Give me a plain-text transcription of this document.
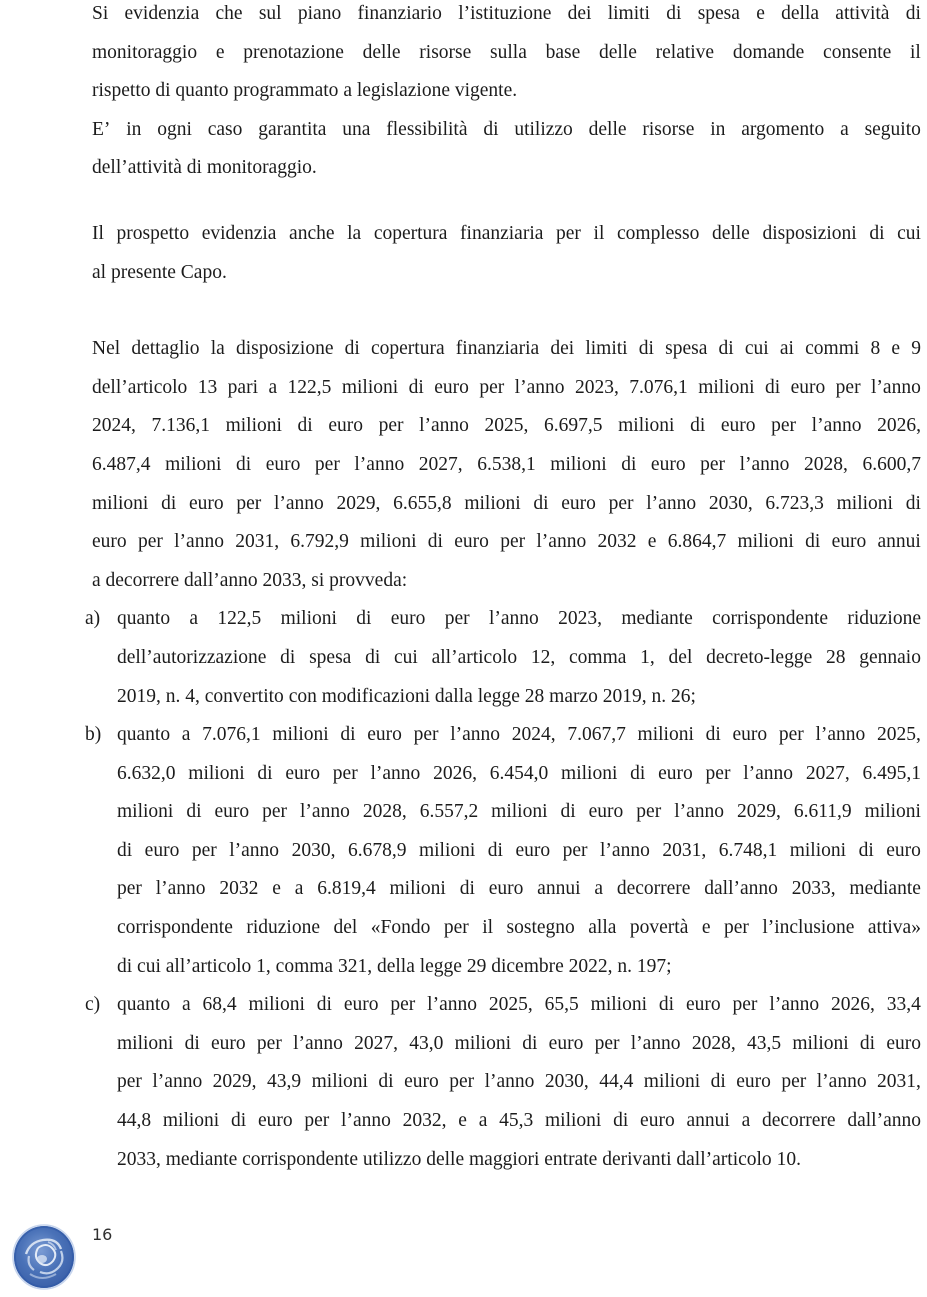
Si evidenzia che sul piano finanziario l’istituzione dei limiti di spesa e della attività di
monitoraggio e prenotazione delle risorse sulla base delle relative domande consente il
rispetto di quanto programmato a legislazione vigente.
E’ in ogni caso garantita una flessibilità di utilizzo delle risorse in argomento a seguito
dell’attività di monitoraggio.
Il prospetto evidenzia anche la copertura finanziaria per il complesso delle disposizioni di cui
al presente Capo.
Nel dettaglio la disposizione di copertura finanziaria dei limiti di spesa di cui ai commi 8 e 9
dell’articolo 13 pari a 122,5 milioni di euro per l’anno 2023, 7.076,1 milioni di euro per l’anno
2024, 7.136,1 milioni di euro per l’anno 2025, 6.697,5 milioni di euro per l’anno 2026,
6.487,4 milioni di euro per l’anno 2027, 6.538,1 milioni di euro per l’anno 2028, 6.600,7
milioni di euro per l’anno 2029, 6.655,8 milioni di euro per l’anno 2030, 6.723,3 milioni di
euro per l’anno 2031, 6.792,9 milioni di euro per l’anno 2032 e 6.864,7 milioni di euro annui
a decorrere dall’anno 2033, si provveda:
a) quanto a 122,5 milioni di euro per l’anno 2023, mediante corrispondente riduzione
dell’autorizzazione di spesa di cui all’articolo 12, comma 1, del decreto-legge 28 gennaio
2019, n. 4, convertito con modificazioni dalla legge 28 marzo 2019, n. 26;
b) quanto a 7.076,1 milioni di euro per l’anno 2024, 7.067,7 milioni di euro per l’anno 2025,
6.632,0 milioni di euro per l’anno 2026, 6.454,0 milioni di euro per l’anno 2027, 6.495,1
milioni di euro per l’anno 2028, 6.557,2 milioni di euro per l’anno 2029, 6.611,9 milioni
di euro per l’anno 2030, 6.678,9 milioni di euro per l’anno 2031, 6.748,1 milioni di euro
per l’anno 2032 e a 6.819,4 milioni di euro annui a decorrere dall’anno 2033, mediante
corrispondente riduzione del «Fondo per il sostegno alla povertà e per l’inclusione attiva»
di cui all’articolo 1, comma 321, della legge 29 dicembre 2022, n. 197;
c) quanto a 68,4 milioni di euro per l’anno 2025, 65,5 milioni di euro per l’anno 2026, 33,4
milioni di euro per l’anno 2027, 43,0 milioni di euro per l’anno 2028, 43,5 milioni di euro
per l’anno 2029, 43,9 milioni di euro per l’anno 2030, 44,4 milioni di euro per l’anno 2031,
44,8 milioni di euro per l’anno 2032, e a 45,3 milioni di euro annui a decorrere dall’anno
2033, mediante corrispondente utilizzo delle maggiori entrate derivanti dall’articolo 10.
16
